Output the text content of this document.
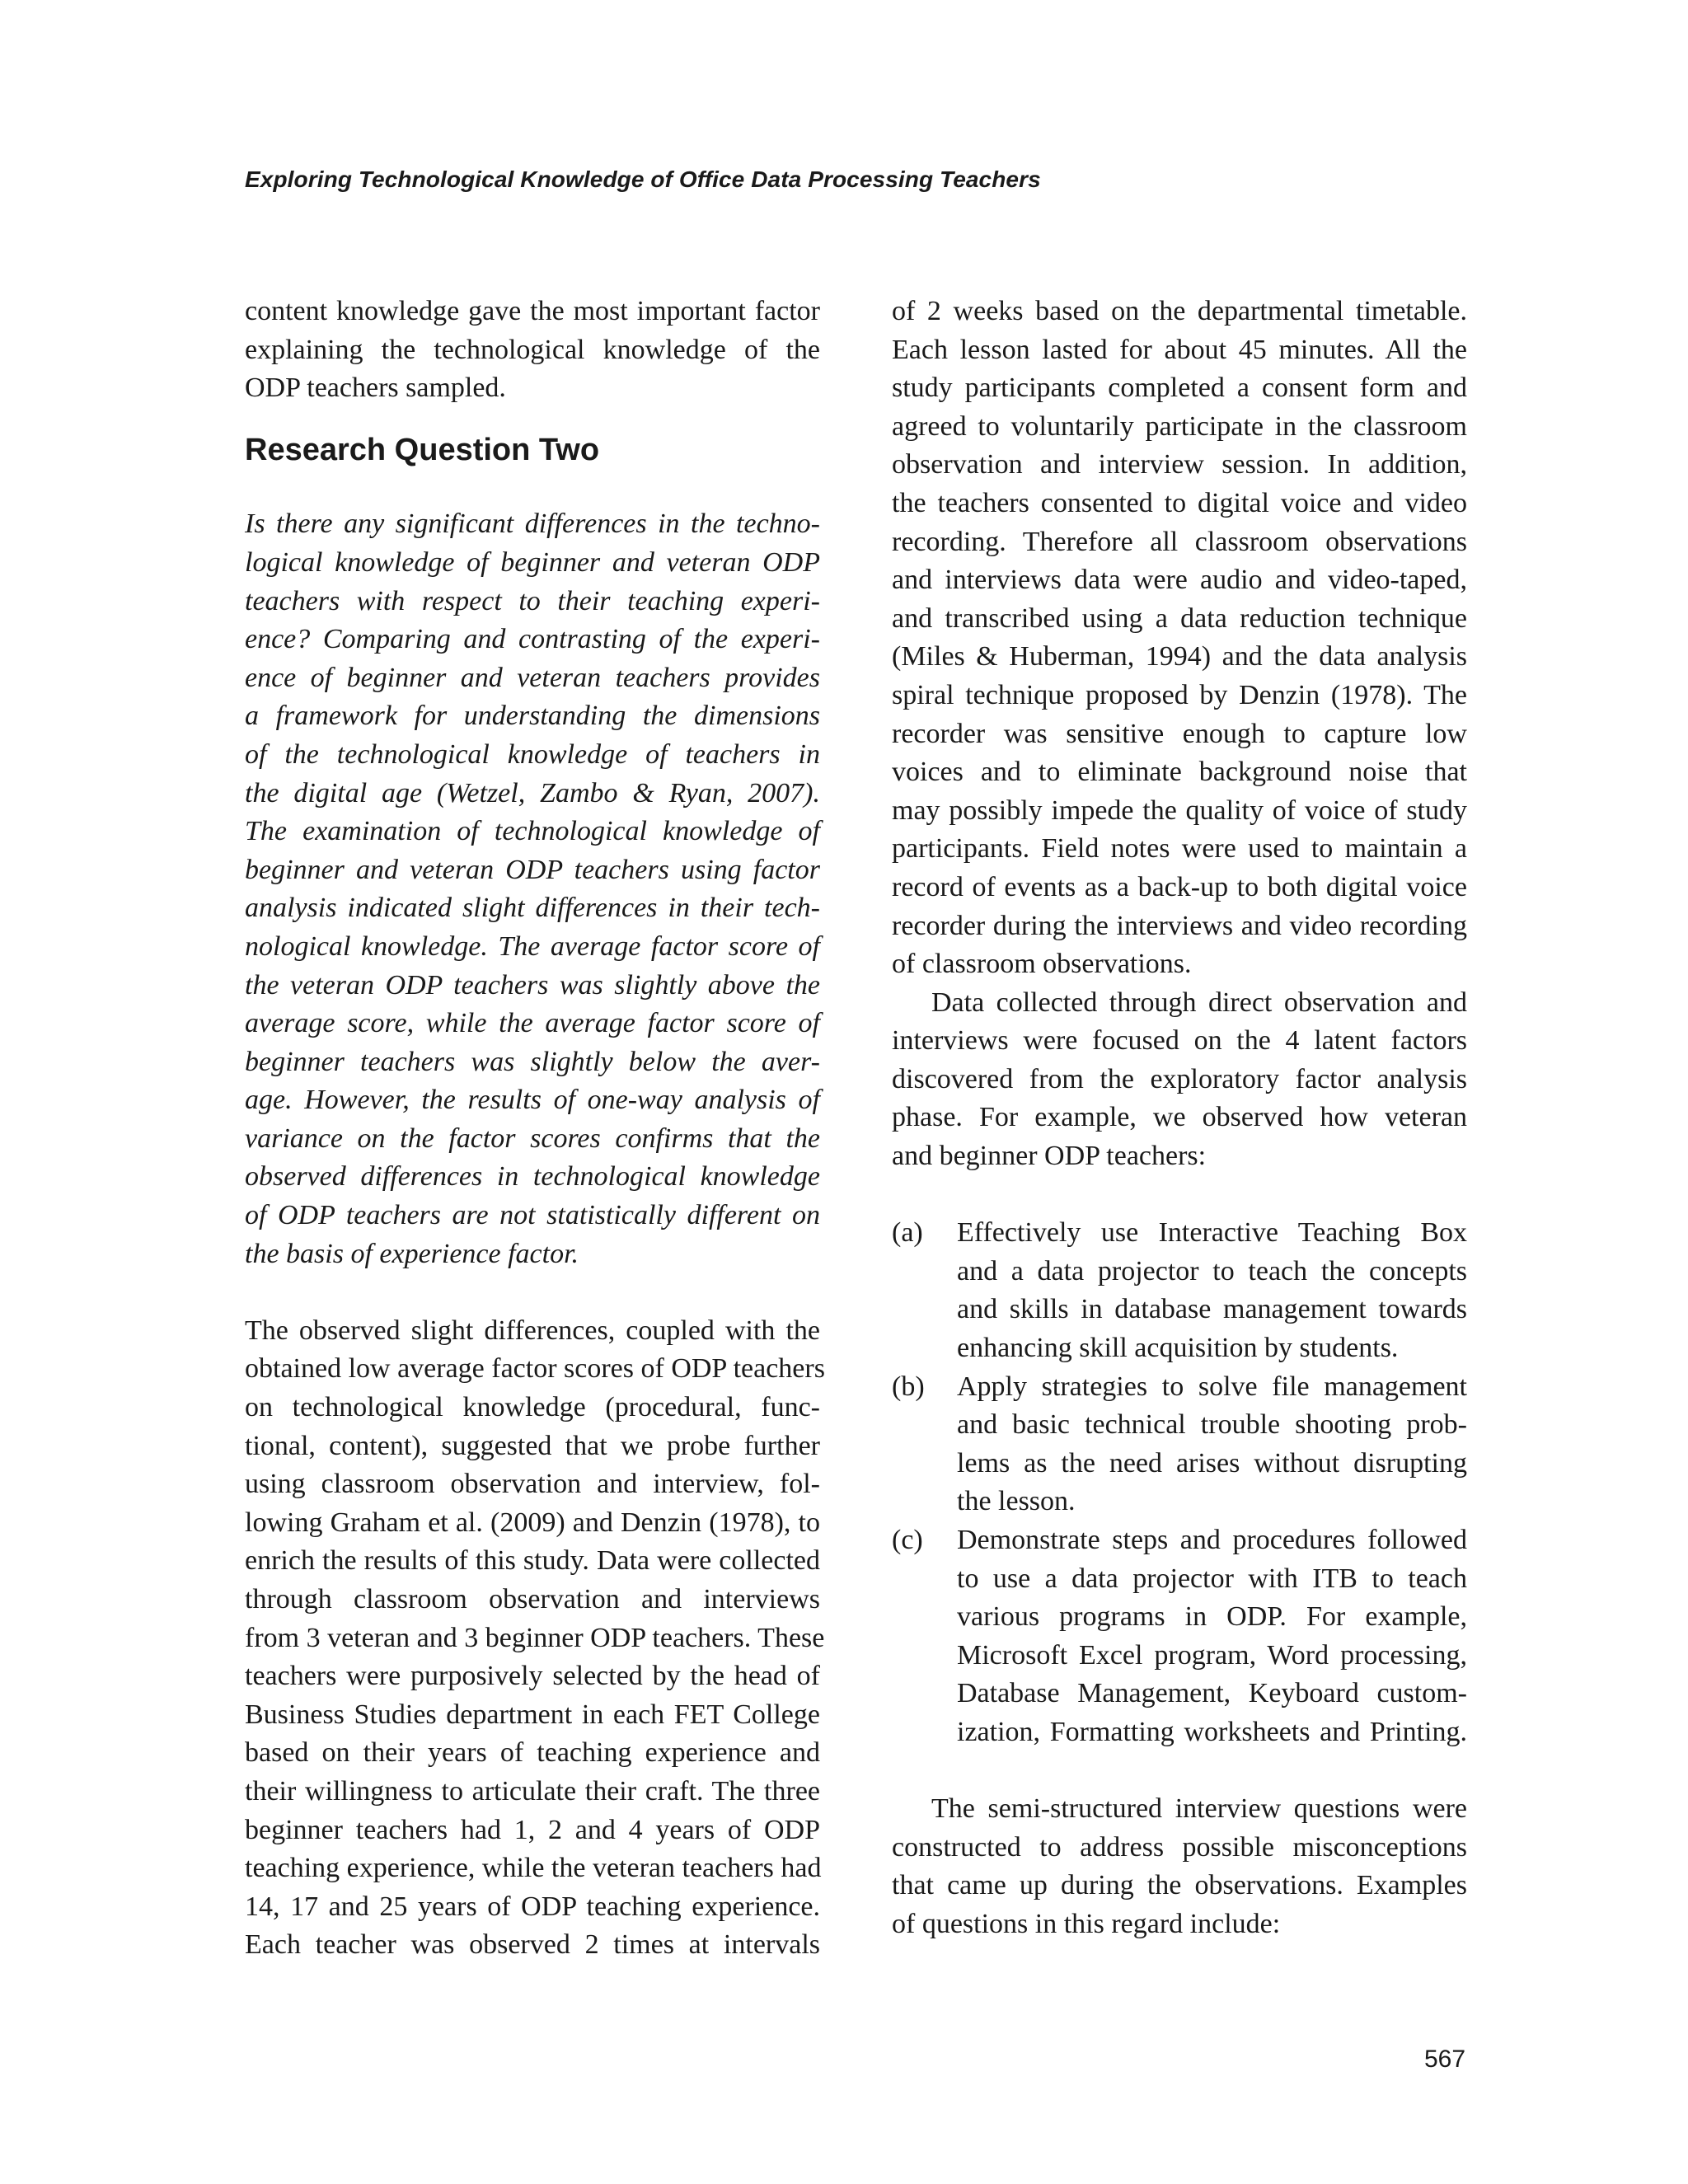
Exploring Technological Knowledge of Office Data Processing Teachers
content knowledge gave the most important factor
explaining the technological knowledge of the
ODP teachers sampled.
Research Question Two
Is there any significant differences in the techno-
logical knowledge of beginner and veteran ODP
teachers with respect to their teaching experi-
ence? Comparing and contrasting of the experi-
ence of beginner and veteran teachers provides
a framework for understanding the dimensions
of the technological knowledge of teachers in
the digital age (Wetzel, Zambo & Ryan, 2007).
The examination of technological knowledge of
beginner and veteran ODP teachers using factor
analysis indicated slight differences in their tech-
nological knowledge. The average factor score of
the veteran ODP teachers was slightly above the
average score, while the average factor score of
beginner teachers was slightly below the aver-
age. However, the results of one-way analysis of
variance on the factor scores confirms that the
observed differences in technological knowledge
of ODP teachers are not statistically different on
the basis of experience factor.
The observed slight differences, coupled with the
obtained low average factor scores of ODP teachers
on technological knowledge (procedural, func-
tional, content), suggested that we probe further
using classroom observation and interview, fol-
lowing Graham et al. (2009) and Denzin (1978), to
enrich the results of this study. Data were collected
through classroom observation and interviews
from 3 veteran and 3 beginner ODP teachers. These
teachers were purposively selected by the head of
Business Studies department in each FET College
based on their years of teaching experience and
their willingness to articulate their craft. The three
beginner teachers had 1, 2 and 4 years of ODP
teaching experience, while the veteran teachers had
14, 17 and 25 years of ODP teaching experience.
Each teacher was observed 2 times at intervals
of 2 weeks based on the departmental timetable.
Each lesson lasted for about 45 minutes. All the
study participants completed a consent form and
agreed to voluntarily participate in the classroom
observation and interview session. In addition,
the teachers consented to digital voice and video
recording. Therefore all classroom observations
and interviews data were audio and video-taped,
and transcribed using a data reduction technique
(Miles & Huberman, 1994) and the data analysis
spiral technique proposed by Denzin (1978). The
recorder was sensitive enough to capture low
voices and to eliminate background noise that
may possibly impede the quality of voice of study
participants. Field notes were used to maintain a
record of events as a back-up to both digital voice
recorder during the interviews and video recording
of classroom observations.
Data collected through direct observation and
interviews were focused on the 4 latent factors
discovered from the exploratory factor analysis
phase. For example, we observed how veteran
and beginner ODP teachers:
(a) Effectively use Interactive Teaching Box
and a data projector to teach the concepts
and skills in database management towards
enhancing skill acquisition by students.
(b) Apply strategies to solve file management
and basic technical trouble shooting prob-
lems as the need arises without disrupting
the lesson.
(c) Demonstrate steps and procedures followed
to use a data projector with ITB to teach
various programs in ODP. For example,
Microsoft Excel program, Word processing,
Database Management, Keyboard custom-
ization, Formatting worksheets and Printing.
The semi-structured interview questions were
constructed to address possible misconceptions
that came up during the observations. Examples
of questions in this regard include:
567
